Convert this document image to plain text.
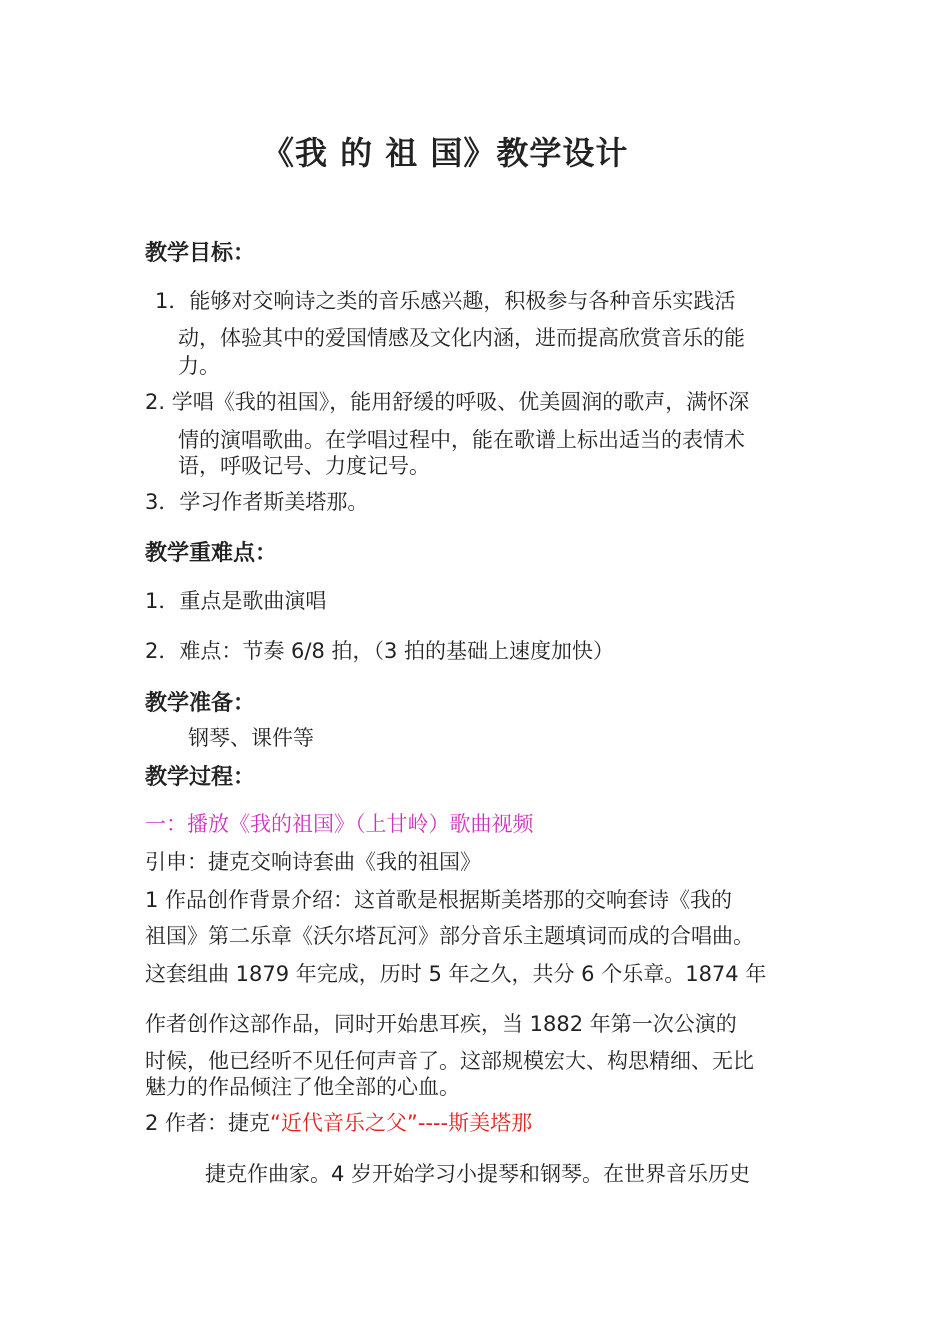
《我 的 祖 国》教学设计
教学目标：
1．能够对交响诗之类的音乐感兴趣，积极参与各种音乐实践活
动，体验其中的爱国情感及文化内涵，进而提高欣赏音乐的能
力。
2. 学唱《我的祖国》，能用舒缓的呼吸、优美圆润的歌声，满怀深
情的演唱歌曲。在学唱过程中，能在歌谱上标出适当的表情术
语，呼吸记号、力度记号。
3．学习作者斯美塔那。
教学重难点：
1．重点是歌曲演唱
2．难点：节奏 6/8 拍，（3 拍的基础上速度加快）
教学准备：
钢琴、课件等
教学过程：
一：播放《我的祖国》（上甘岭）歌曲视频
引申：捷克交响诗套曲《我的祖国》
1 作品创作背景介绍：这首歌是根据斯美塔那的交响套诗《我的
祖国》第二乐章《沃尔塔瓦河》部分音乐主题填词而成的合唱曲。
这套组曲 1879 年完成，历时 5 年之久，共分 6 个乐章。1874 年
作者创作这部作品，同时开始患耳疾，当 1882 年第一次公演的
时候，他已经听不见任何声音了。这部规模宏大、构思精细、无比
魅力的作品倾注了他全部的心血。
2 作者：捷克“近代音乐之父”----斯美塔那
捷克作曲家。4 岁开始学习小提琴和钢琴。在世界音乐历史
